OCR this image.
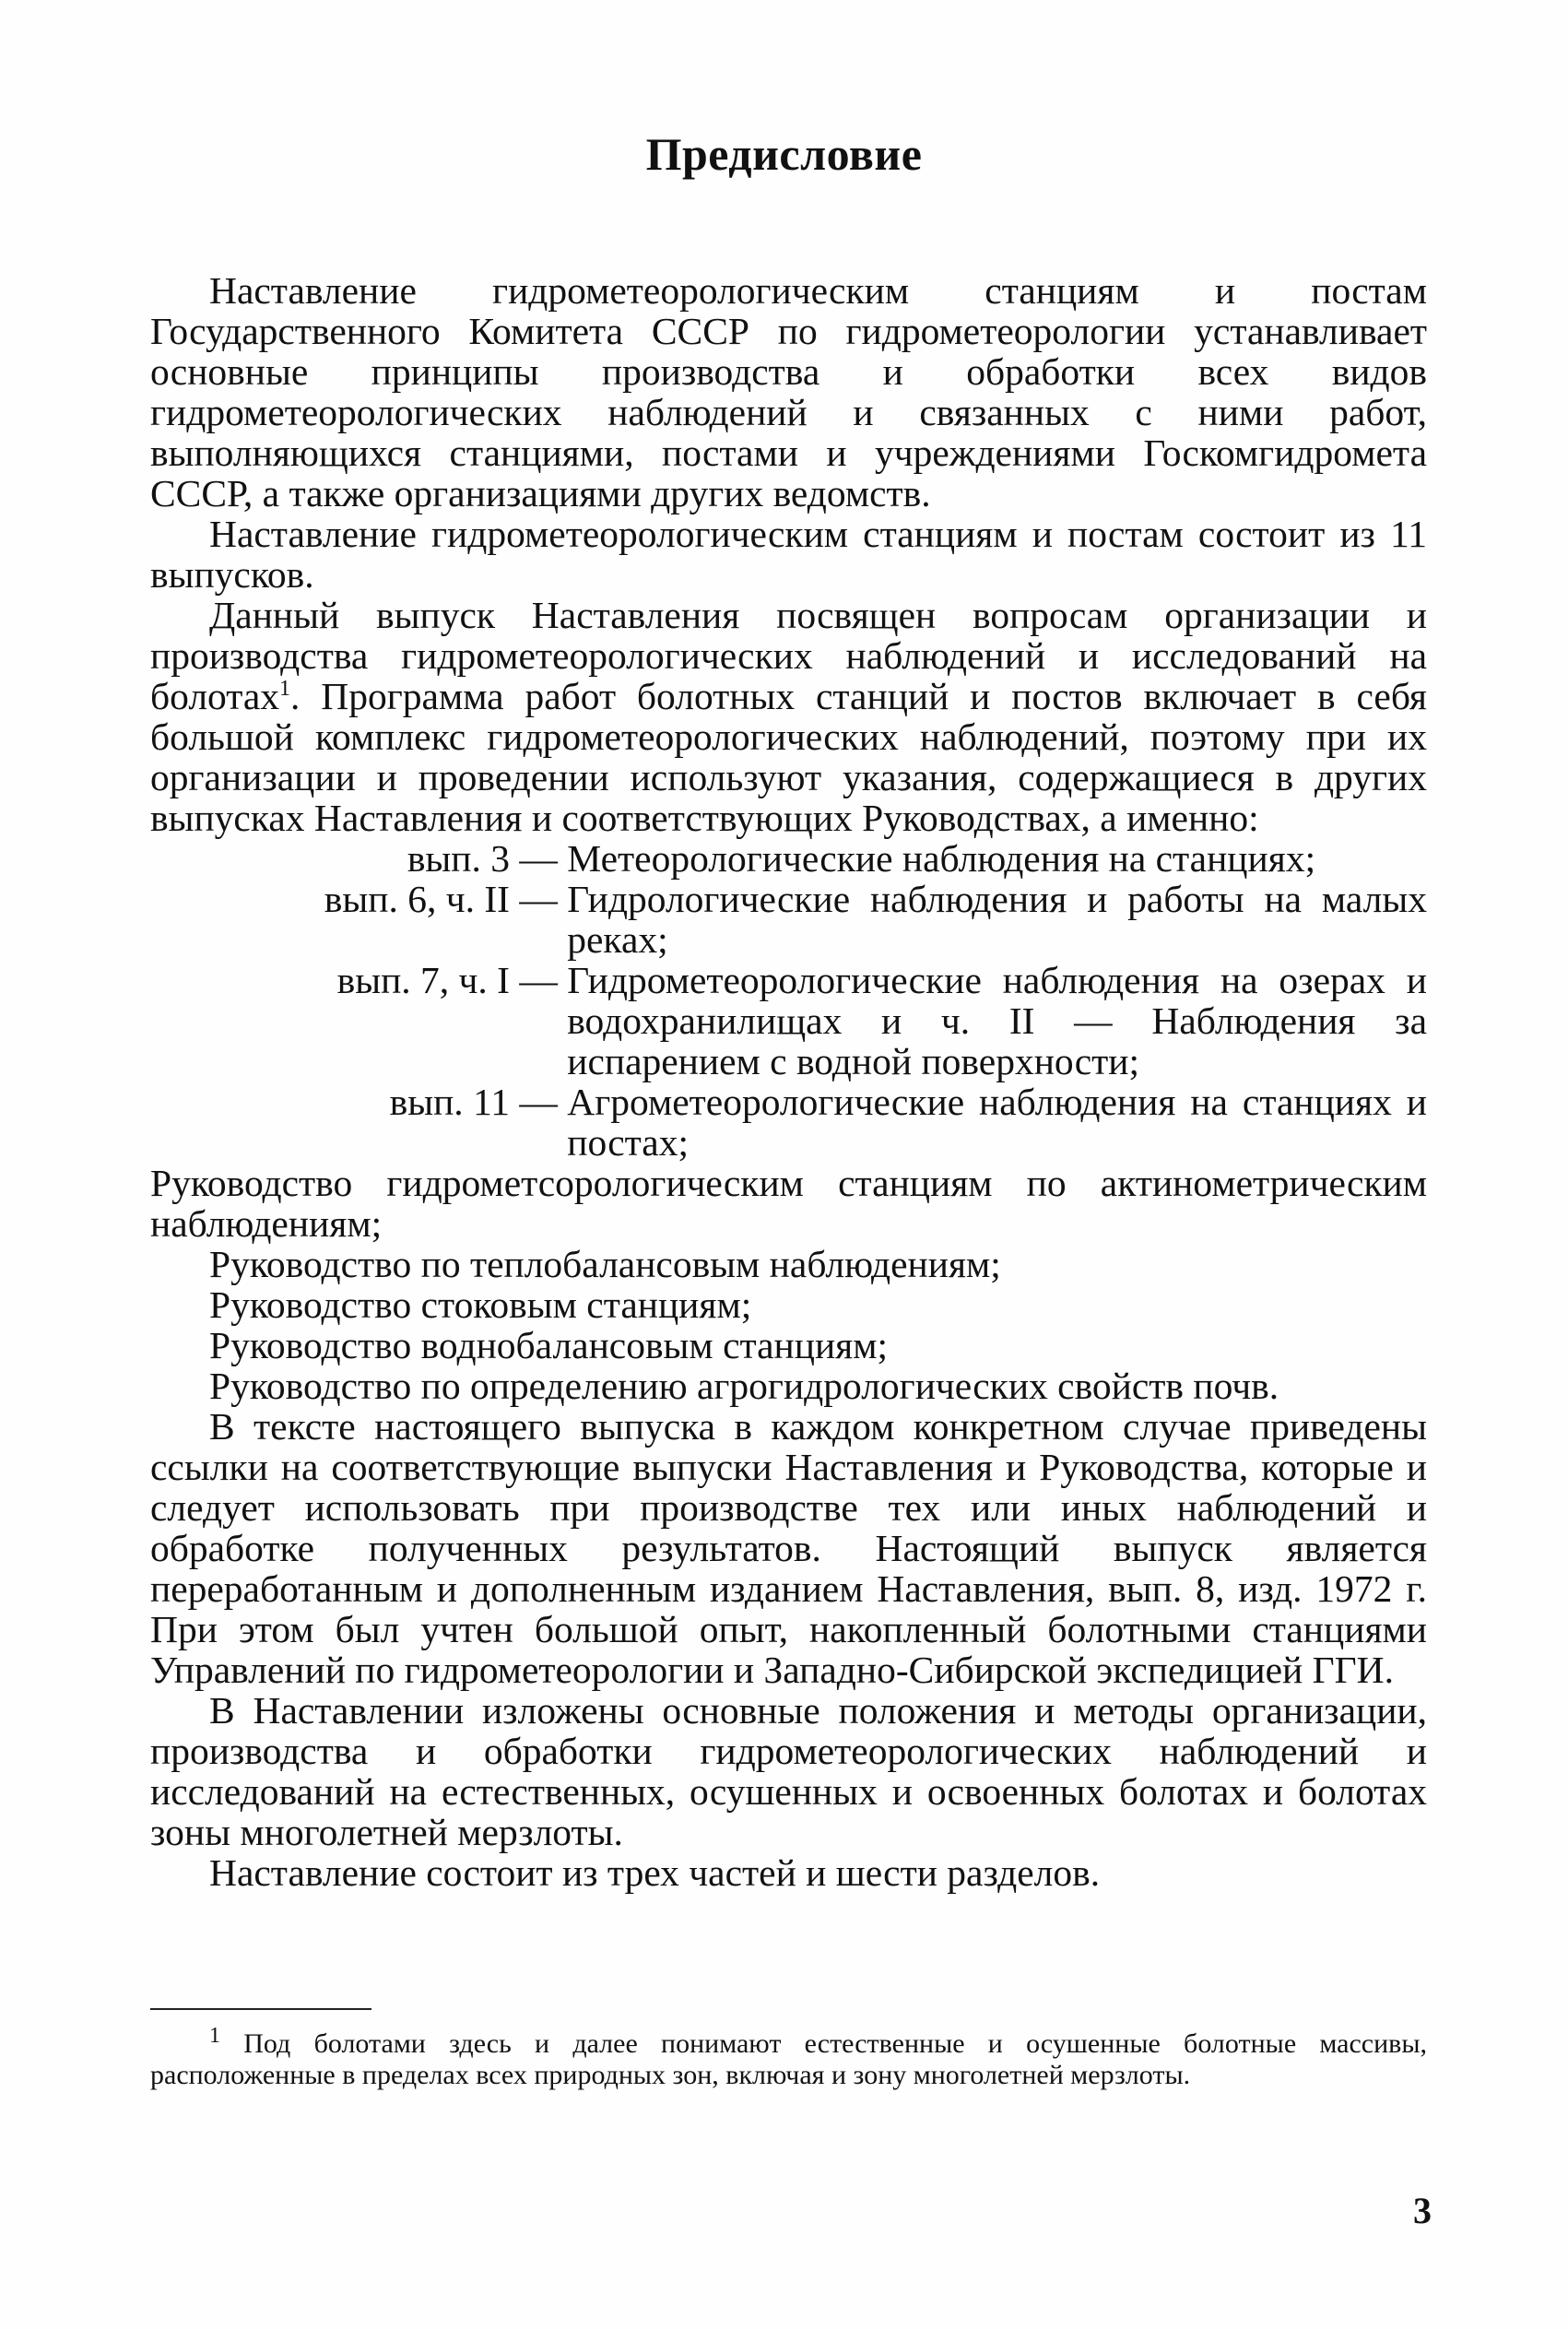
Предисловие

Наставление гидрометеорологическим станциям и постам Государственного Комитета СССР по гидрометеорологии устанавливает основные принципы производства и обработки всех видов гидрометеорологических наблюдений и связанных с ними работ, выполняющихся станциями, постами и учреждениями Госкомгидромета СССР, а также организациями других ведомств.

Наставление гидрометеорологическим станциям и постам состоит из 11 выпусков.

Данный выпуск Наставления посвящен вопросам организации и производства гидрометеорологических наблюдений и исследований на болотах$^1$. Программа работ болотных станций и постов включает в себя большой комплекс гидрометеорологических наблюдений, поэтому при их организации и проведении используют указания, содержащиеся в других выпусках Наставления и соответствующих Руководствах, а именно:

вып. 3 — Метеорологические наблюдения на станциях;
вып. 6, ч. II — Гидрологические наблюдения и работы на малых реках;
вып. 7, ч. I — Гидрометеорологические наблюдения на озерах и водохранилищах и ч. II — Наблюдения за испарением с водной поверхности;
вып. 11 — Агрометеорологические наблюдения на станциях и постах;
Руководство гидрометсорологическим станциям по актинометрическим наблюдениям;
Руководство по теплобалансовым наблюдениям;
Руководство стоковым станциям;
Руководство воднобалансовым станциям;
Руководство по определению агрогидрологических свойств почв.

В тексте настоящего выпуска в каждом конкретном случае приведены ссылки на соответствующие выпуски Наставления и Руководства, которые и следует использовать при производстве тех или иных наблюдений и обработке полученных результатов. Настоящий выпуск является переработанным и дополненным изданием Наставления, вып. 8, изд. 1972 г. При этом был учтен большой опыт, накопленный болотными станциями Управлений по гидрометеорологии и Западно-Сибирской экспедицией ГГИ.

В Наставлении изложены основные положения и методы организации, производства и обработки гидрометеорологических наблюдений и исследований на естественных, осушенных и освоенных болотах и болотах зоны многолетней мерзлоты.

Наставление состоит из трех частей и шести разделов.

$^1$ Под болотами здесь и далее понимают естественные и осушенные болотные массивы, расположенные в пределах всех природных зон, включая и зону многолетней мерзлоты.
3
